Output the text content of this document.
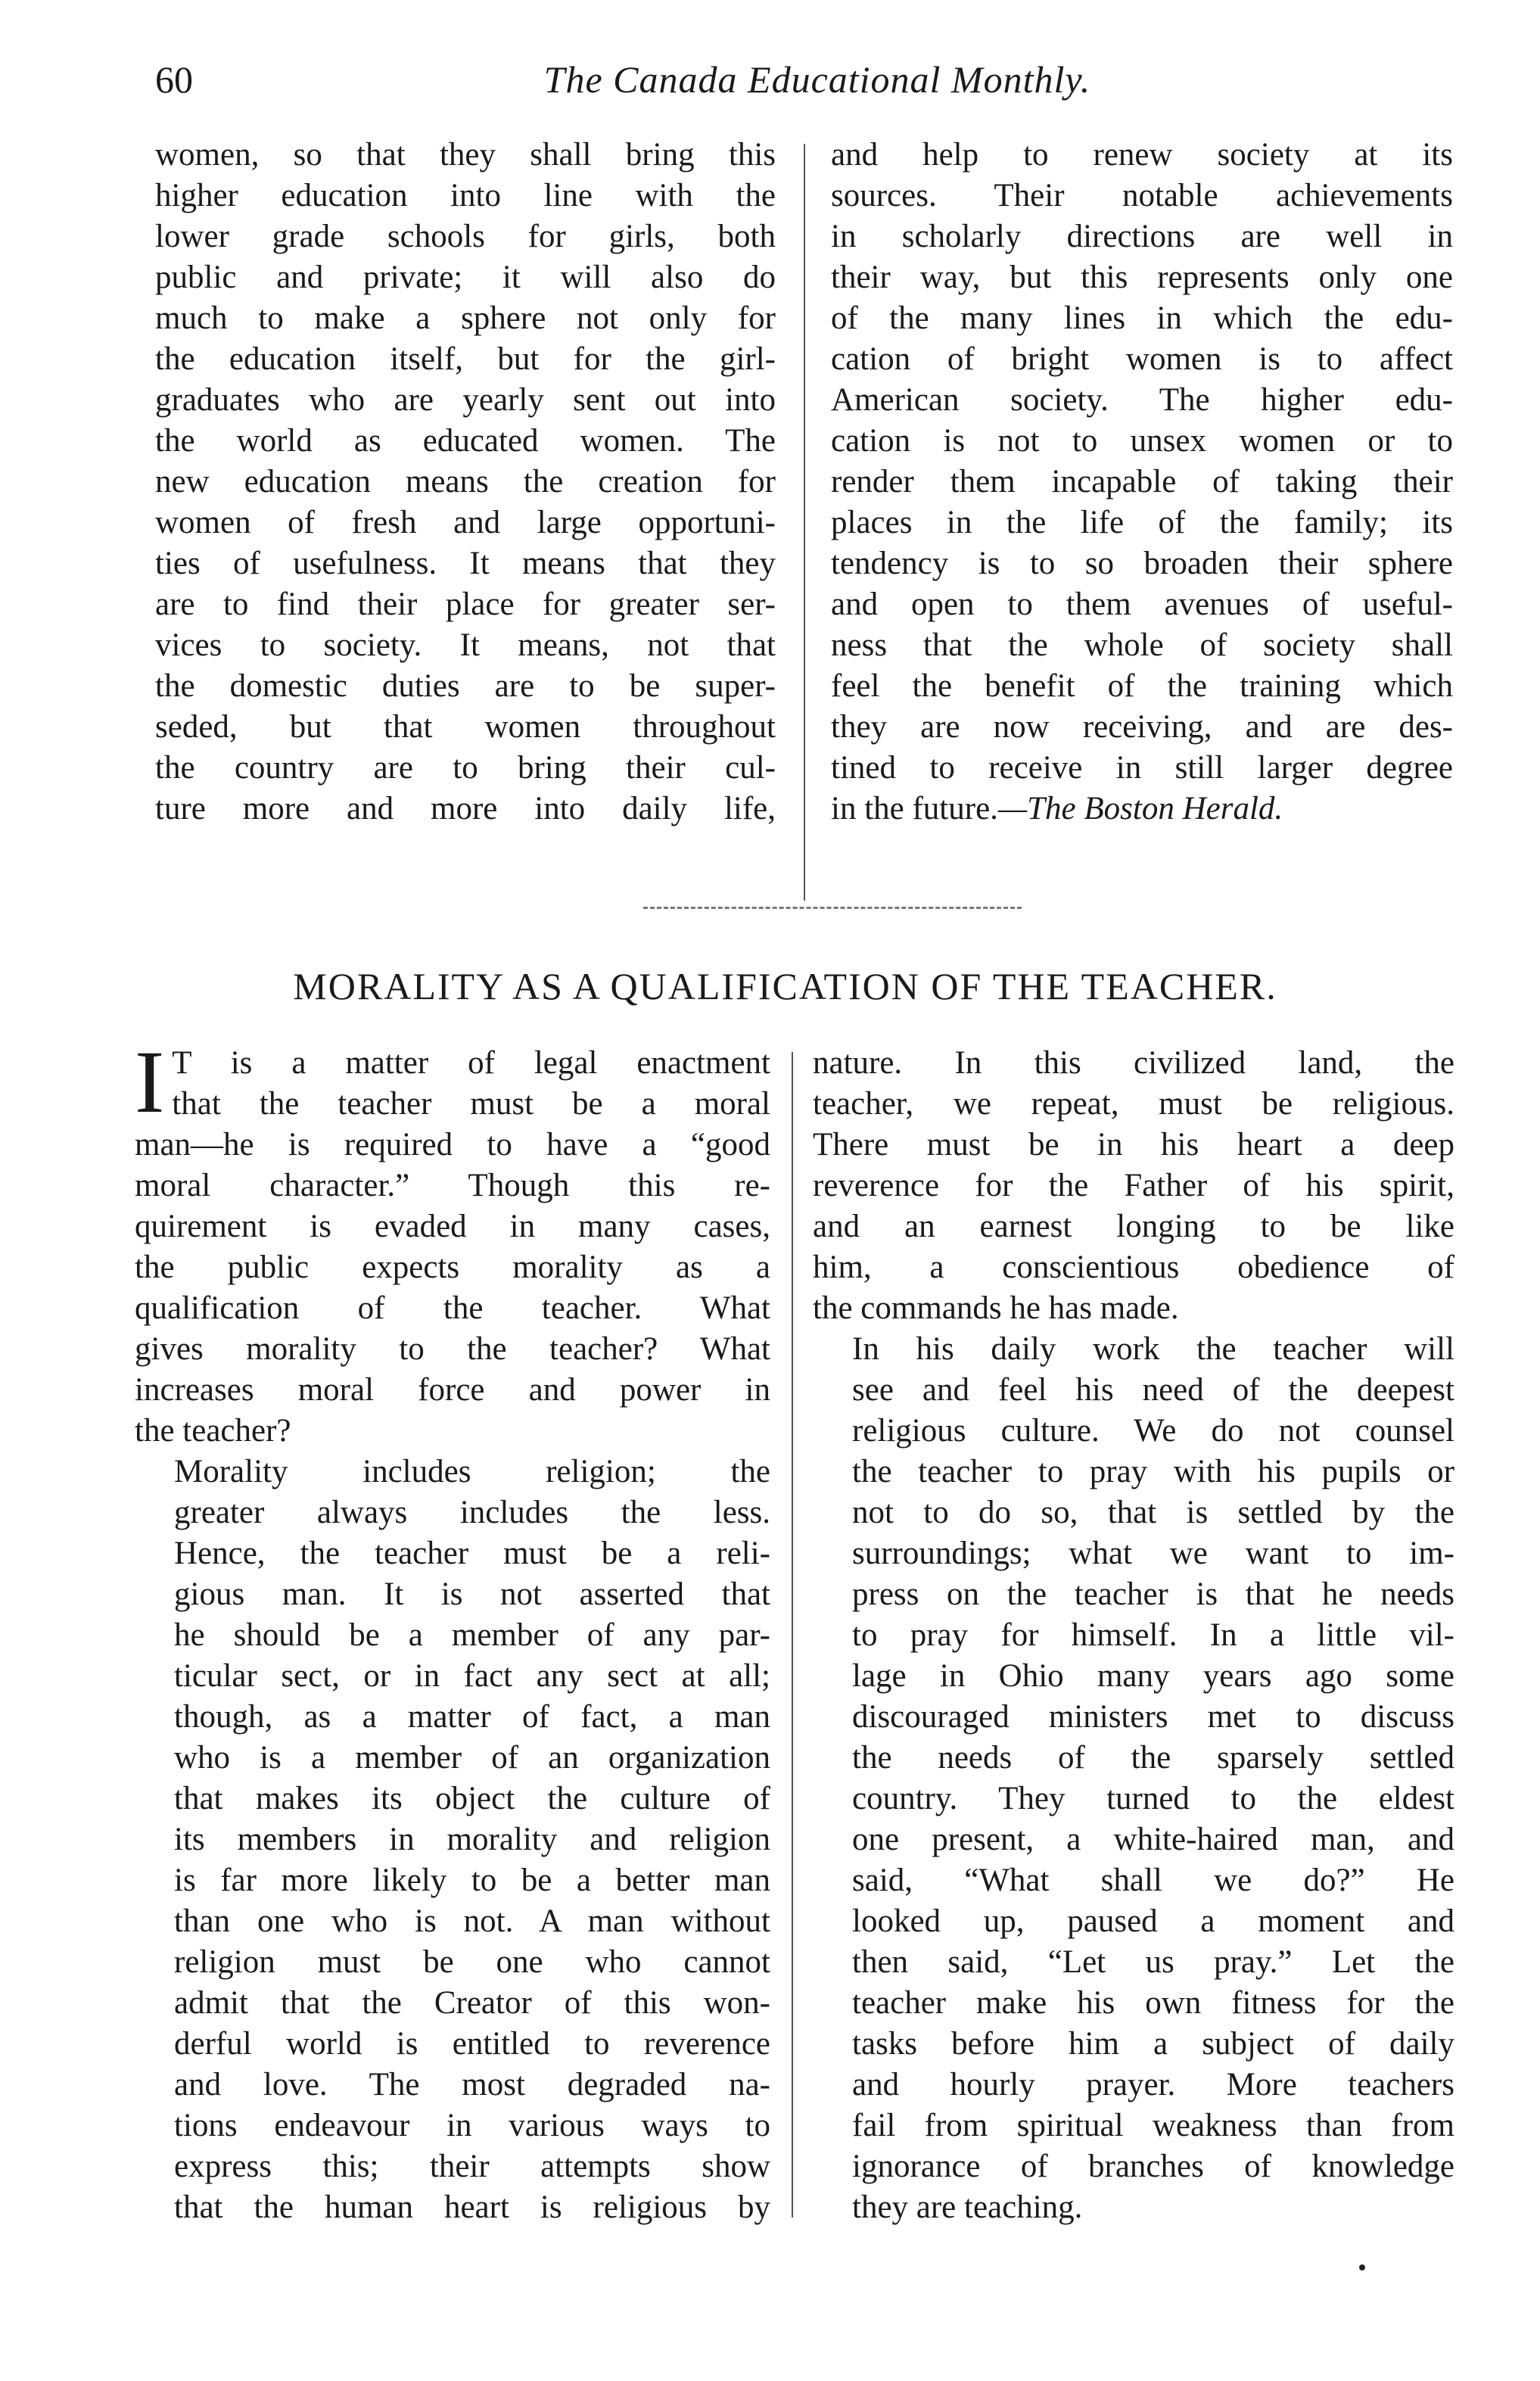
60	The Canada Educational Monthly.

women, so that they shall bring this
higher education into line with the
lower grade schools for girls, both
public and private; it will also do
much to make a sphere not only for
the education itself, but for the girl-
graduates who are yearly sent out into
the world as educated women. The
new education means the creation for
women of fresh and large opportuni-
ties of usefulness. It means that they
are to find their place for greater ser-
vices to society. It means, not that
the domestic duties are to be super-
seded, but that women throughout
the country are to bring their cul-
ture more and more into daily life,

and help to renew society at its
sources. Their notable achievements
in scholarly directions are well in
their way, but this represents only one
of the many lines in which the edu-
cation of bright women is to affect
American society. The higher edu-
cation is not to unsex women or to
render them incapable of taking their
places in the life of the family; its
tendency is to so broaden their sphere
and open to them avenues of useful-
ness that the whole of society shall
feel the benefit of the training which
they are now receiving, and are des-
tined to receive in still larger degree
in the future.—The Boston Herald.

MORALITY AS A QUALIFICATION OF THE TEACHER.

I T is a matter of legal enactment
that the teacher must be a moral
man—he is required to have a “good
moral character.” Though this re-
quirement is evaded in many cases,
the public expects morality as a
qualification of the teacher. What
gives morality to the teacher? What
increases moral force and power in
the teacher?

Morality includes religion; the
greater always includes the less.
Hence, the teacher must be a reli-
gious man. It is not asserted that
he should be a member of any par-
ticular sect, or in fact any sect at all;
though, as a matter of fact, a man
who is a member of an organization
that makes its object the culture of
its members in morality and religion
is far more likely to be a better man
than one who is not. A man without
religion must be one who cannot
admit that the Creator of this won-
derful world is entitled to reverence
and love. The most degraded na-
tions endeavour in various ways to
express this; their attempts show
that the human heart is religious by

nature. In this civilized land, the
teacher, we repeat, must be religious.
There must be in his heart a deep
reverence for the Father of his spirit,
and an earnest longing to be like
him, a conscientious obedience of
the commands he has made.

In his daily work the teacher will
see and feel his need of the deepest
religious culture. We do not counsel
the teacher to pray with his pupils or
not to do so, that is settled by the
surroundings; what we want to im-
press on the teacher is that he needs
to pray for himself. In a little vil-
lage in Ohio many years ago some
discouraged ministers met to discuss
the needs of the sparsely settled
country. They turned to the eldest
one present, a white-haired man, and
said, “What shall we do?” He
looked up, paused a moment and
then said, “Let us pray.” Let the
teacher make his own fitness for the
tasks before him a subject of daily
and hourly prayer. More teachers
fail from spiritual weakness than from
ignorance of branches of knowledge
they are teaching.
